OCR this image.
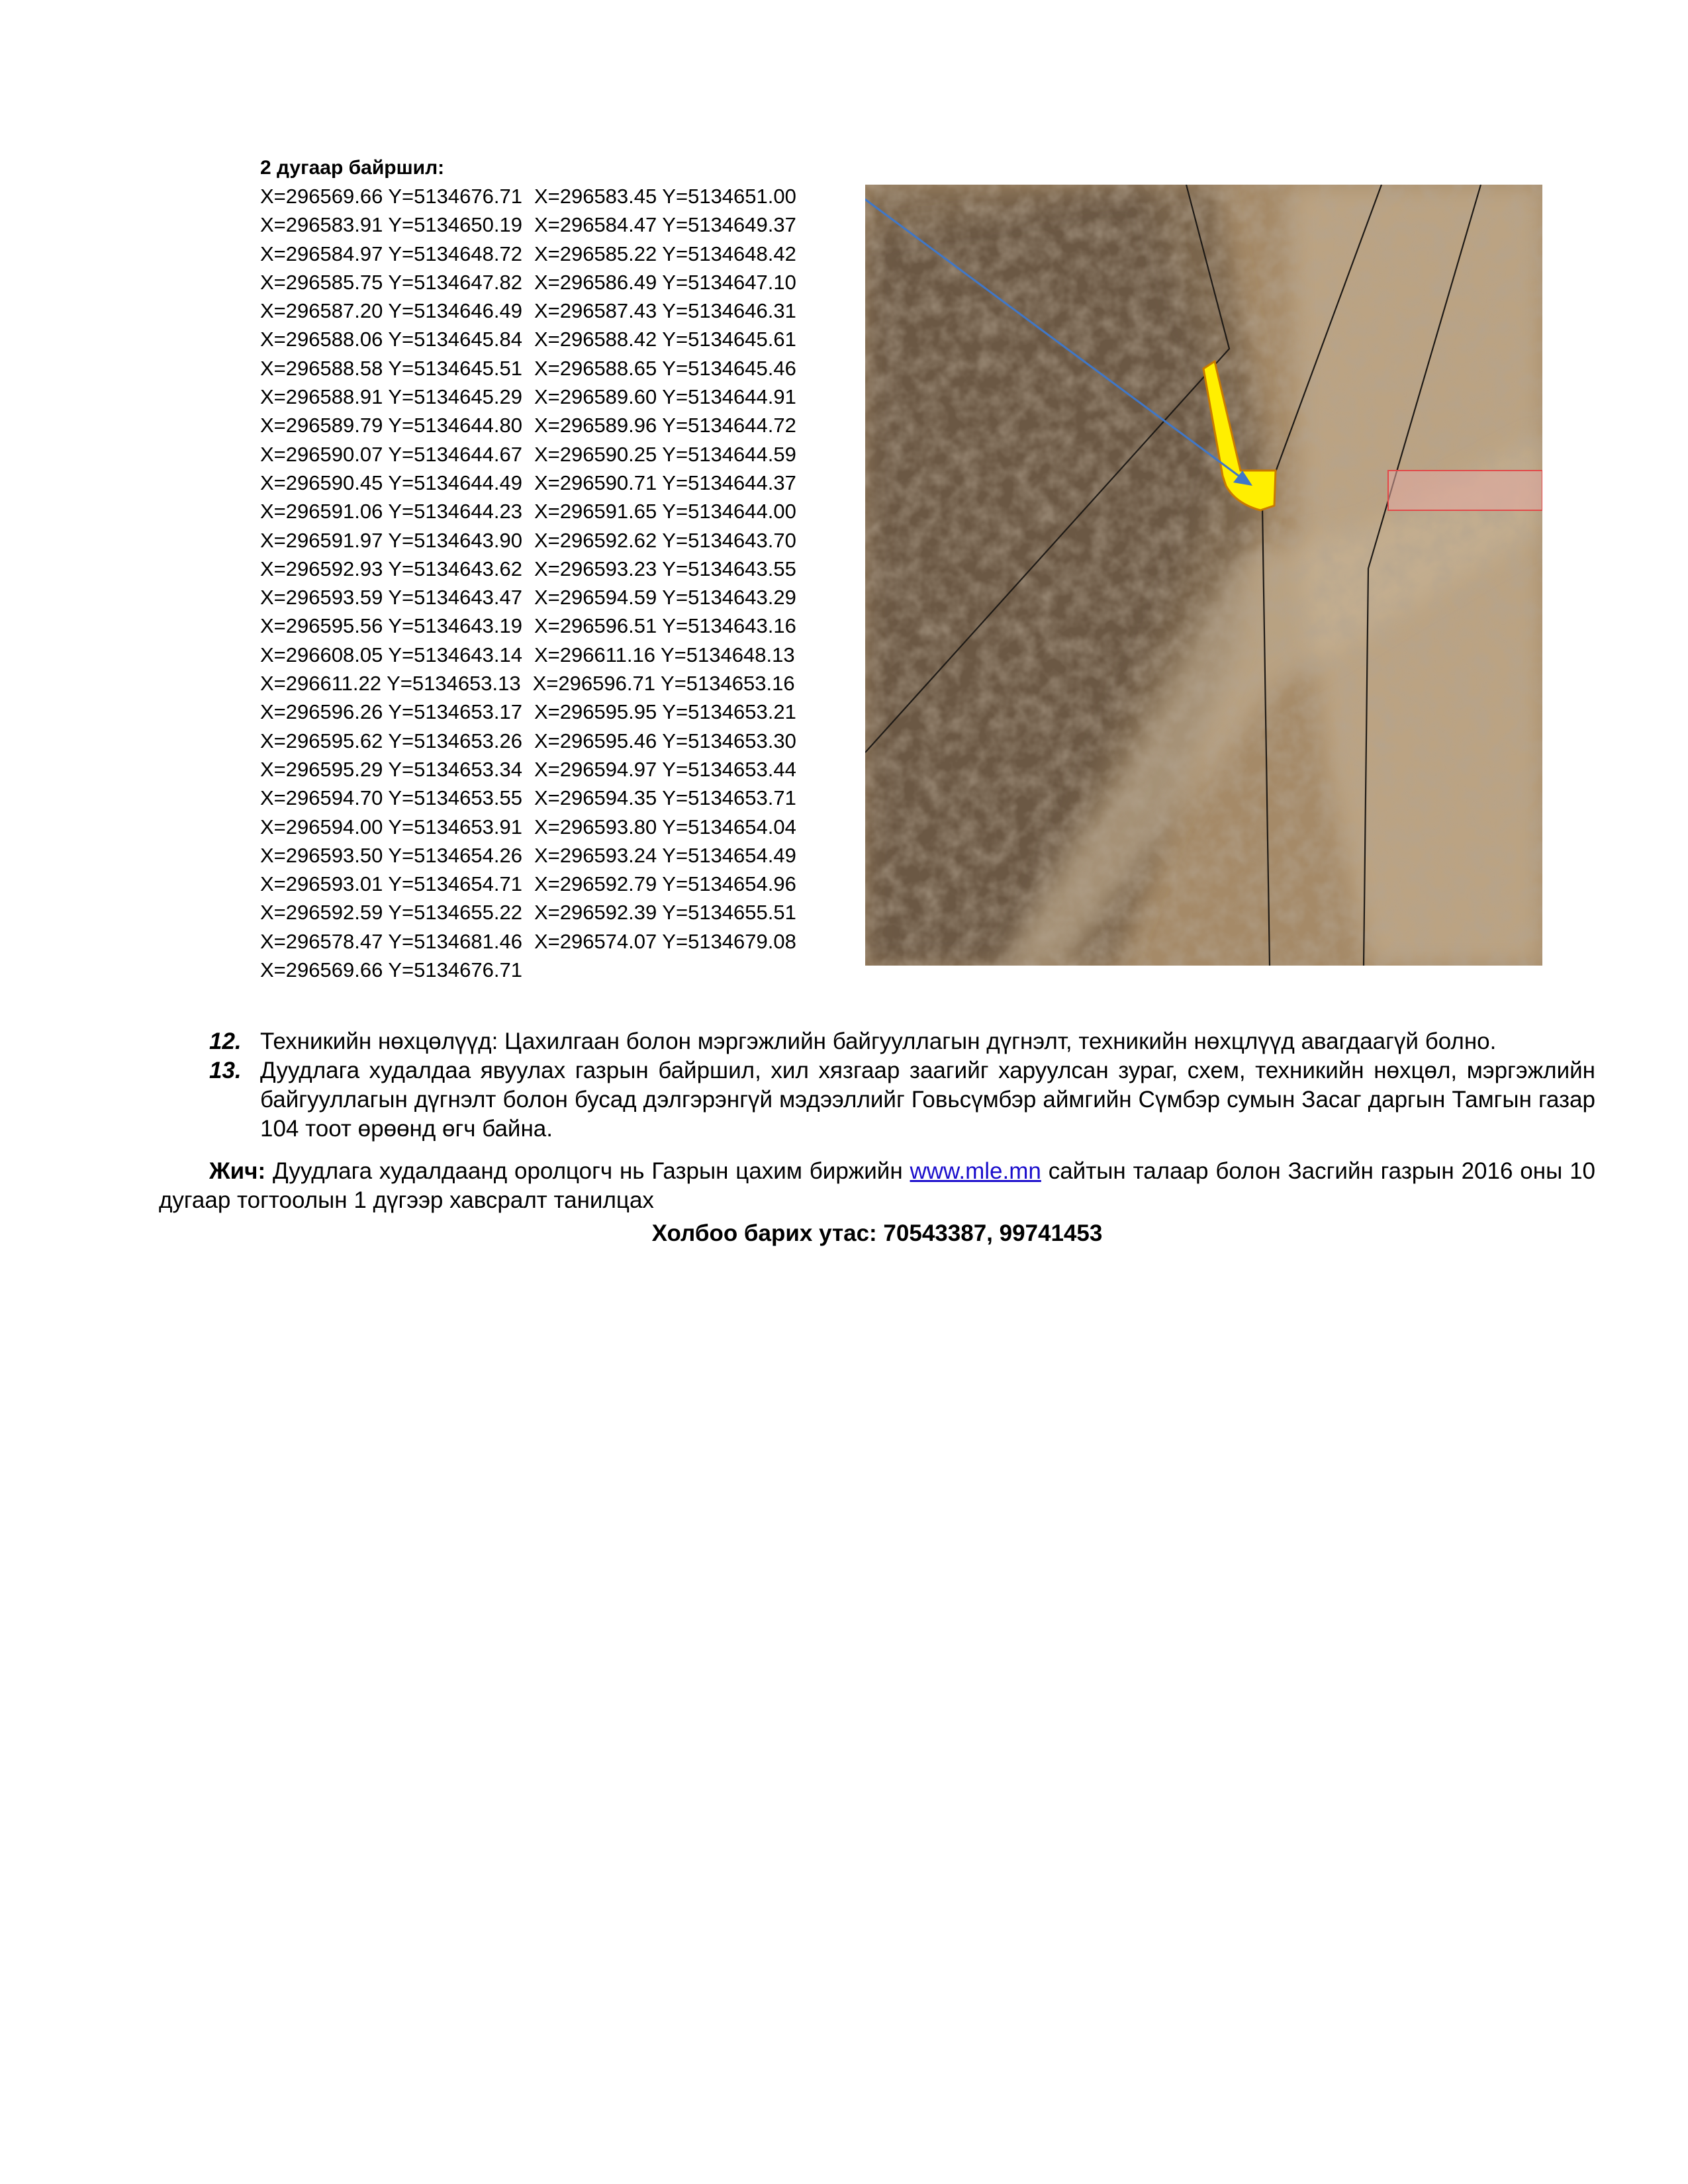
2 дугаар байршил:
X=296569.66 Y=5134676.71 X=296583.45 Y=5134651.00
X=296583.91 Y=5134650.19 X=296584.47 Y=5134649.37
X=296584.97 Y=5134648.72 X=296585.22 Y=5134648.42
X=296585.75 Y=5134647.82 X=296586.49 Y=5134647.10
X=296587.20 Y=5134646.49 X=296587.43 Y=5134646.31
X=296588.06 Y=5134645.84 X=296588.42 Y=5134645.61
X=296588.58 Y=5134645.51 X=296588.65 Y=5134645.46
X=296588.91 Y=5134645.29 X=296589.60 Y=5134644.91
X=296589.79 Y=5134644.80 X=296589.96 Y=5134644.72
X=296590.07 Y=5134644.67 X=296590.25 Y=5134644.59
X=296590.45 Y=5134644.49 X=296590.71 Y=5134644.37
X=296591.06 Y=5134644.23 X=296591.65 Y=5134644.00
X=296591.97 Y=5134643.90 X=296592.62 Y=5134643.70
X=296592.93 Y=5134643.62 X=296593.23 Y=5134643.55
X=296593.59 Y=5134643.47 X=296594.59 Y=5134643.29
X=296595.56 Y=5134643.19 X=296596.51 Y=5134643.16
X=296608.05 Y=5134643.14 X=296611.16 Y=5134648.13
X=296611.22 Y=5134653.13 X=296596.71 Y=5134653.16
X=296596.26 Y=5134653.17 X=296595.95 Y=5134653.21
X=296595.62 Y=5134653.26 X=296595.46 Y=5134653.30
X=296595.29 Y=5134653.34 X=296594.97 Y=5134653.44
X=296594.70 Y=5134653.55 X=296594.35 Y=5134653.71
X=296594.00 Y=5134653.91 X=296593.80 Y=5134654.04
X=296593.50 Y=5134654.26 X=296593.24 Y=5134654.49
X=296593.01 Y=5134654.71 X=296592.79 Y=5134654.96
X=296592.59 Y=5134655.22 X=296592.39 Y=5134655.51
X=296578.47 Y=5134681.46 X=296574.07 Y=5134679.08
X=296569.66 Y=5134676.71
12. Техникийн нөхцөлүүд: Цахилгаан болон мэргэжлийн байгууллагын дүгнэлт, техникийн нөхцлүүд авагдаагүй болно.
13. Дуудлага худалдаа явуулах газрын байршил, хил хязгаар заагийг харуулсан зураг, схем, техникийн нөхцөл, мэргэжлийн байгууллагын дүгнэлт болон бусад дэлгэрэнгүй мэдээллийг Говьсүмбэр аймгийн Сүмбэр сумын Засаг даргын Тамгын газар 104 тоот өрөөнд өгч байна.
Жич: Дуудлага худалдаанд оролцогч нь Газрын цахим биржийн www.mle.mn сайтын талаар болон Засгийн газрын 2016 оны 10 дугаар тогтоолын 1 дүгээр хавсралт танилцах
Холбоо барих утас: 70543387, 99741453
